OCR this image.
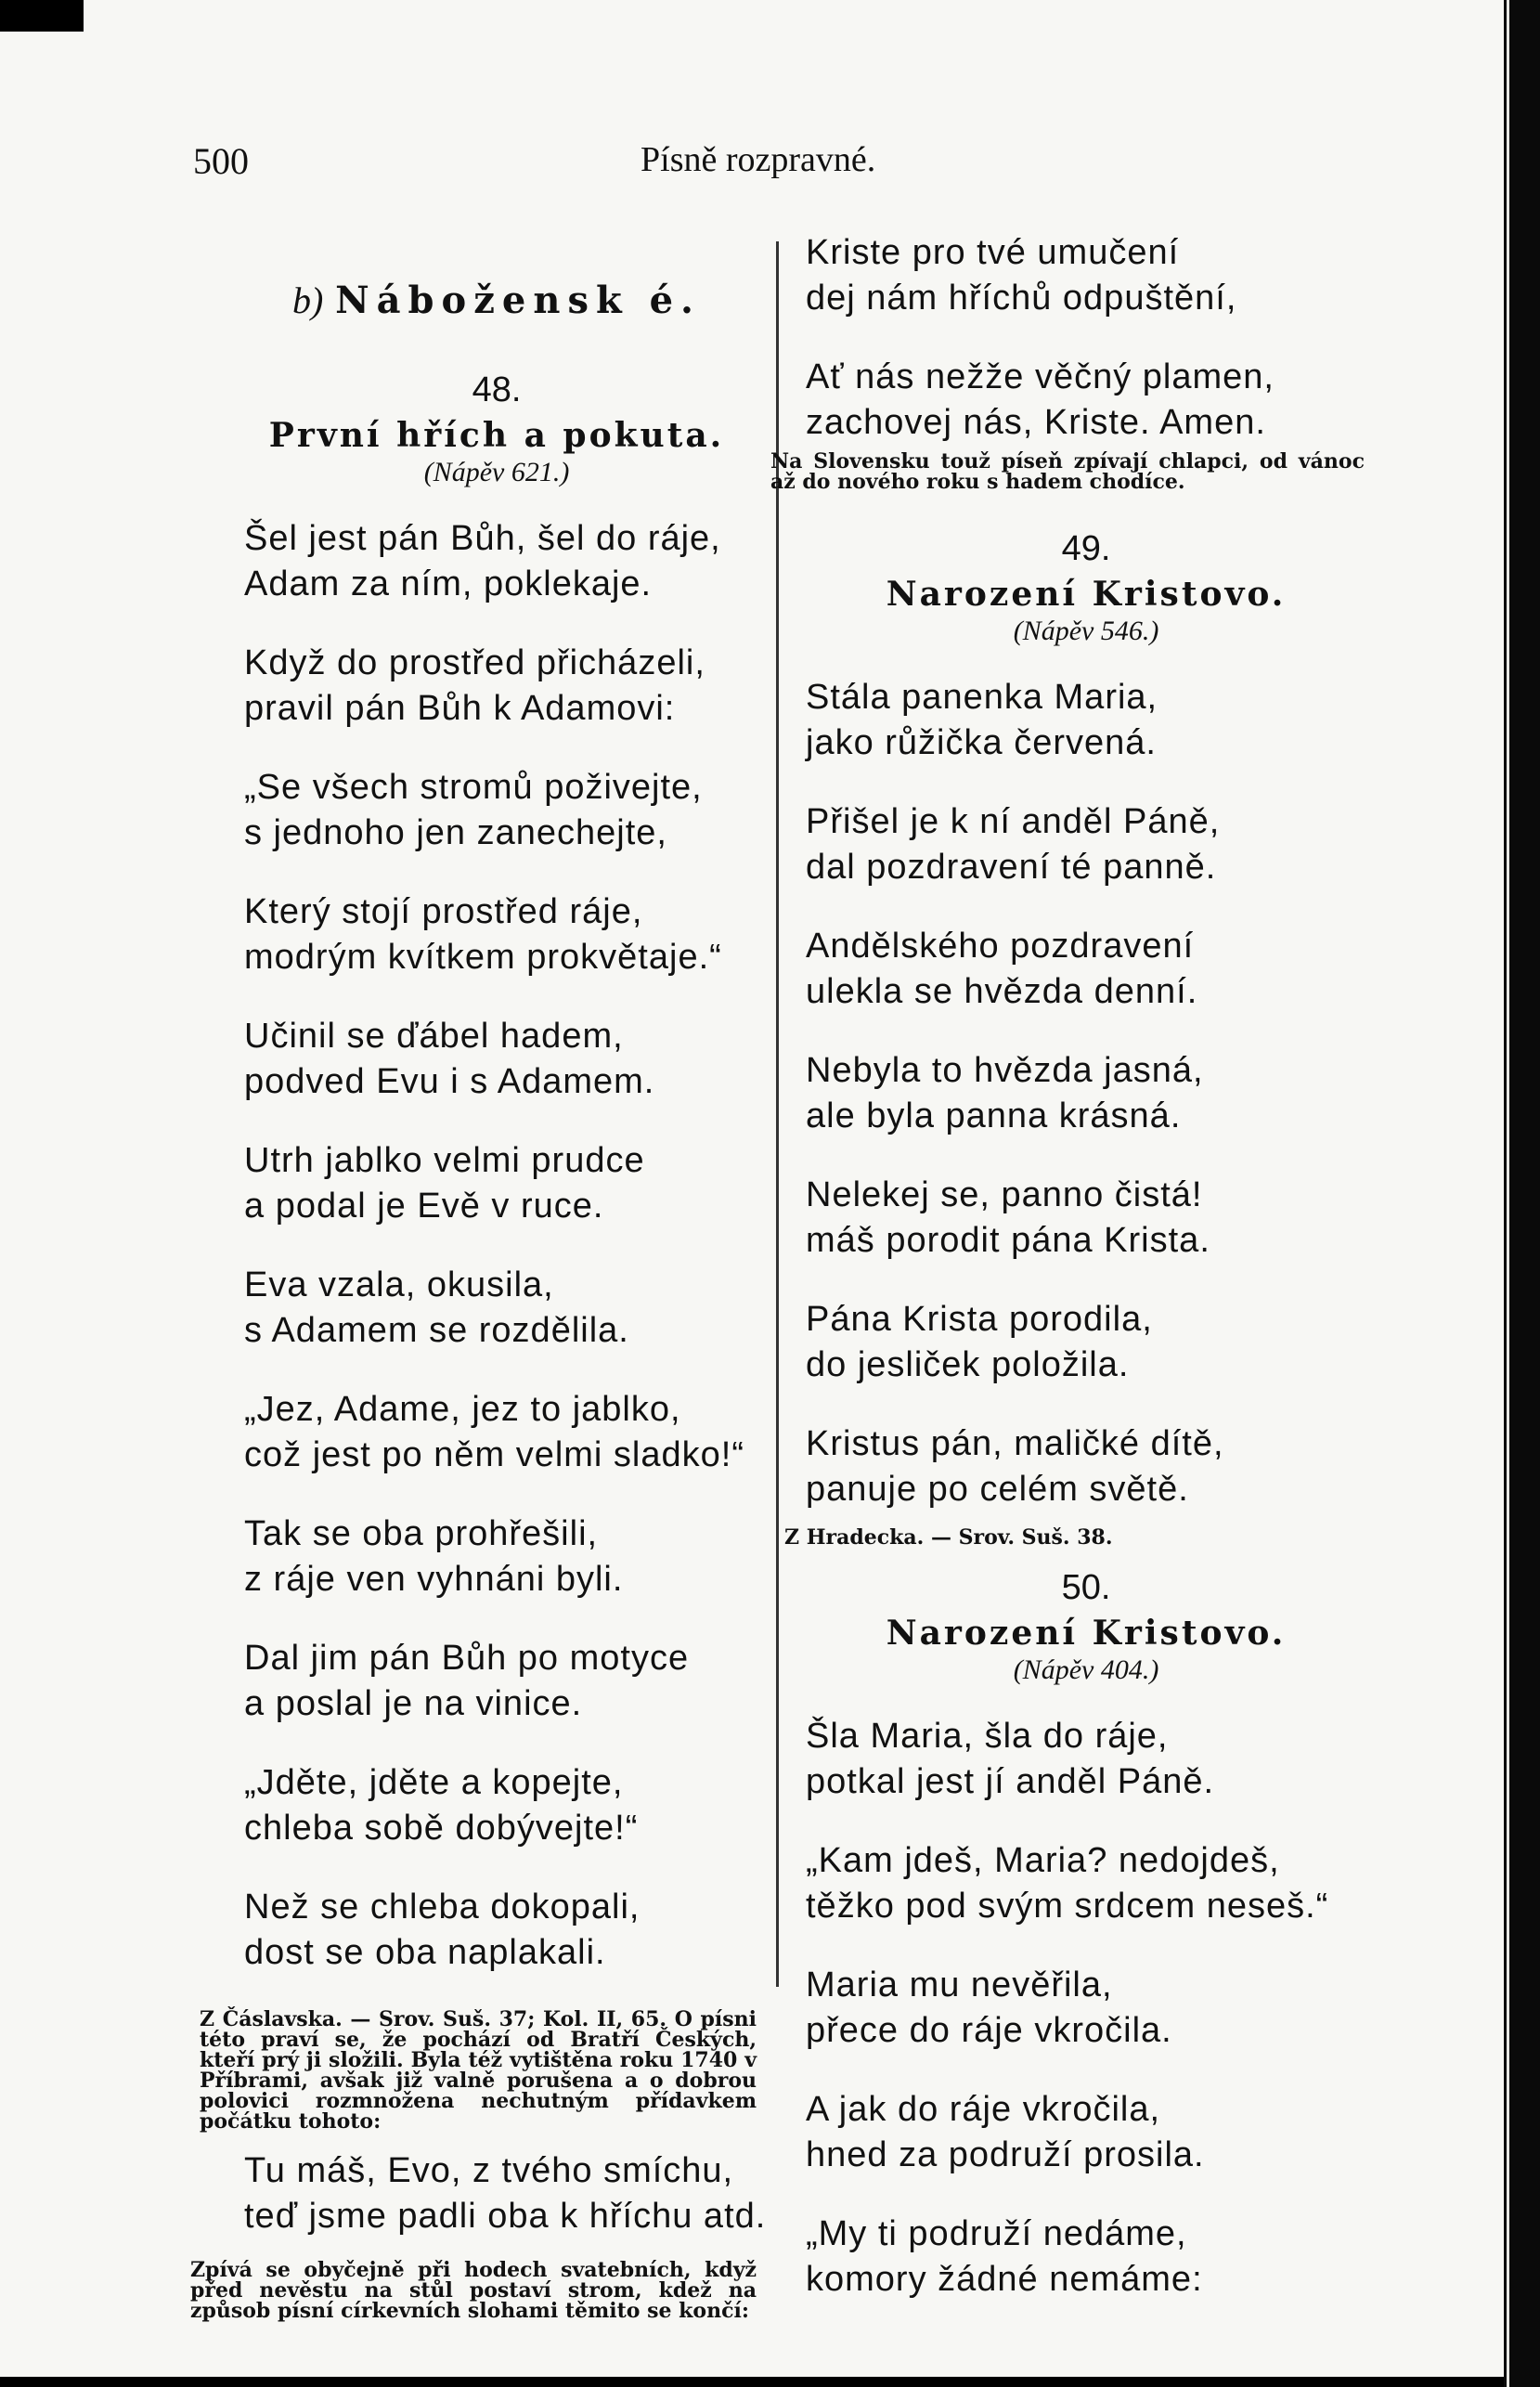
500	Písně rozpravné.
b) Nábožensk é.
48.
První hřích a pokuta.
(Nápěv 621.)
Šel jest pán Bůh, šel do ráje,
Adam za ním, poklekaje.
Když do prostřed přicházeli,
pravil pán Bůh k Adamovi:
„Se všech stromů poživejte,
s jednoho jen zanechejte,
Který stojí prostřed ráje,
modrým kvítkem prokvětaje.“
Učinil se ďábel hadem,
podved Evu i s Adamem.
Utrh jablko velmi prudce
a podal je Evě v ruce.
Eva vzala, okusila,
s Adamem se rozdělila.
„Jez, Adame, jez to jablko,
což jest po něm velmi sladko!“
Tak se oba prohřešili,
z ráje ven vyhnáni byli.
Dal jim pán Bůh po motyce
a poslal je na vinice.
„Jděte, jděte a kopejte,
chleba sobě dobývejte!“
Než se chleba dokopali,
dost se oba naplakali.
Z Čáslavska. — Srov. Suš. 37; Kol. II, 65. O písni této praví se, že pochází od Bratří Českých, kteří prý ji složili. Byla též vytištěna roku 1740 v Příbrami, avšak již valně porušena a o dobrou polovici rozmnožena nechutným přídavkem počátku tohoto:
Tu máš, Evo, z tvého smíchu,
teď jsme padli oba k hříchu atd.
Zpívá se obyčejně při hodech svatebních, když před nevěstu na stůl postaví strom, kdež na způsob písní církevních slohami těmito se končí:
Kriste pro tvé umučení
dej nám hříchů odpuštění,
Ať nás nežže věčný plamen,
zachovej nás, Kriste. Amen.
Na Slovensku touž píseň zpívají chlapci, od vánoc až do nového roku s hadem chodíce.
49.
Narození Kristovo.
(Nápěv 546.)
Stála panenka Maria,
jako růžička červená.
Přišel je k ní anděl Páně,
dal pozdravení té panně.
Andělského pozdravení
ulekla se hvězda denní.
Nebyla to hvězda jasná,
ale byla panna krásná.
Nelekej se, panno čistá!
máš porodit pána Krista.
Pána Krista porodila,
do jesliček položila.
Kristus pán, maličké dítě,
panuje po celém světě.
Z Hradecka. — Srov. Suš. 38.
50.
Narození Kristovo.
(Nápěv 404.)
Šla Maria, šla do ráje,
potkal jest jí anděl Páně.
„Kam jdeš, Maria? nedojdeš,
těžko pod svým srdcem neseš.“
Maria mu nevěřila,
přece do ráje vkročila.
A jak do ráje vkročila,
hned za podruží prosila.
„My ti podruží nedáme,
komory žádné nemáme:
